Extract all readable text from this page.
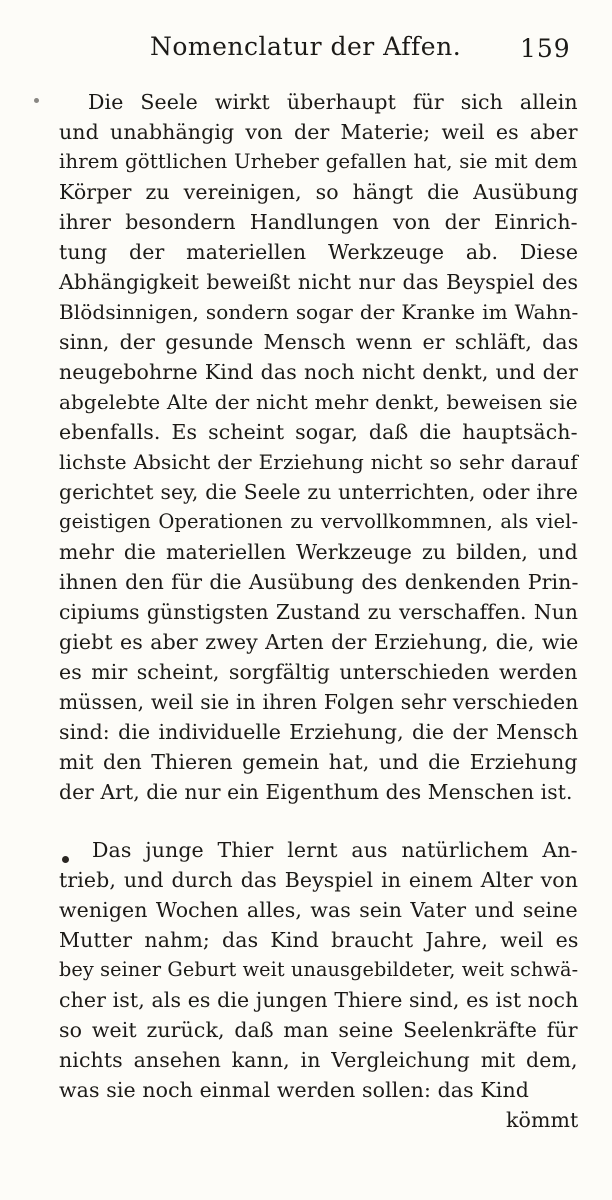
Nomenclatur der Affen. 159
Die Seele wirkt überhaupt für sich allein
und unabhängig von der Materie; weil es aber
ihrem göttlichen Urheber gefallen hat, sie mit dem
Körper zu vereinigen, so hängt die Ausübung
ihrer besondern Handlungen von der Einrich-
tung der materiellen Werkzeuge ab. Diese
Abhängigkeit beweißt nicht nur das Beyspiel des
Blödsinnigen, sondern sogar der Kranke im Wahn-
sinn, der gesunde Mensch wenn er schläft, das
neugebohrne Kind das noch nicht denkt, und der
abgelebte Alte der nicht mehr denkt, beweisen sie
ebenfalls. Es scheint sogar, daß die hauptsäch-
lichste Absicht der Erziehung nicht so sehr darauf
gerichtet sey, die Seele zu unterrichten, oder ihre
geistigen Operationen zu vervollkommnen, als viel-
mehr die materiellen Werkzeuge zu bilden, und
ihnen den für die Ausübung des denkenden Prin-
cipiums günstigsten Zustand zu verschaffen. Nun
giebt es aber zwey Arten der Erziehung, die, wie
es mir scheint, sorgfältig unterschieden werden
müssen, weil sie in ihren Folgen sehr verschieden
sind: die individuelle Erziehung, die der Mensch
mit den Thieren gemein hat, und die Erziehung
der Art, die nur ein Eigenthum des Menschen ist.
Das junge Thier lernt aus natürlichem An-
trieb, und durch das Beyspiel in einem Alter von
wenigen Wochen alles, was sein Vater und seine
Mutter nahm; das Kind braucht Jahre, weil es
bey seiner Geburt weit unausgebildeter, weit schwä-
cher ist, als es die jungen Thiere sind, es ist noch
so weit zurück, daß man seine Seelenkräfte für
nichts ansehen kann, in Vergleichung mit dem,
was sie noch einmal werden sollen: das Kind
kömmt
